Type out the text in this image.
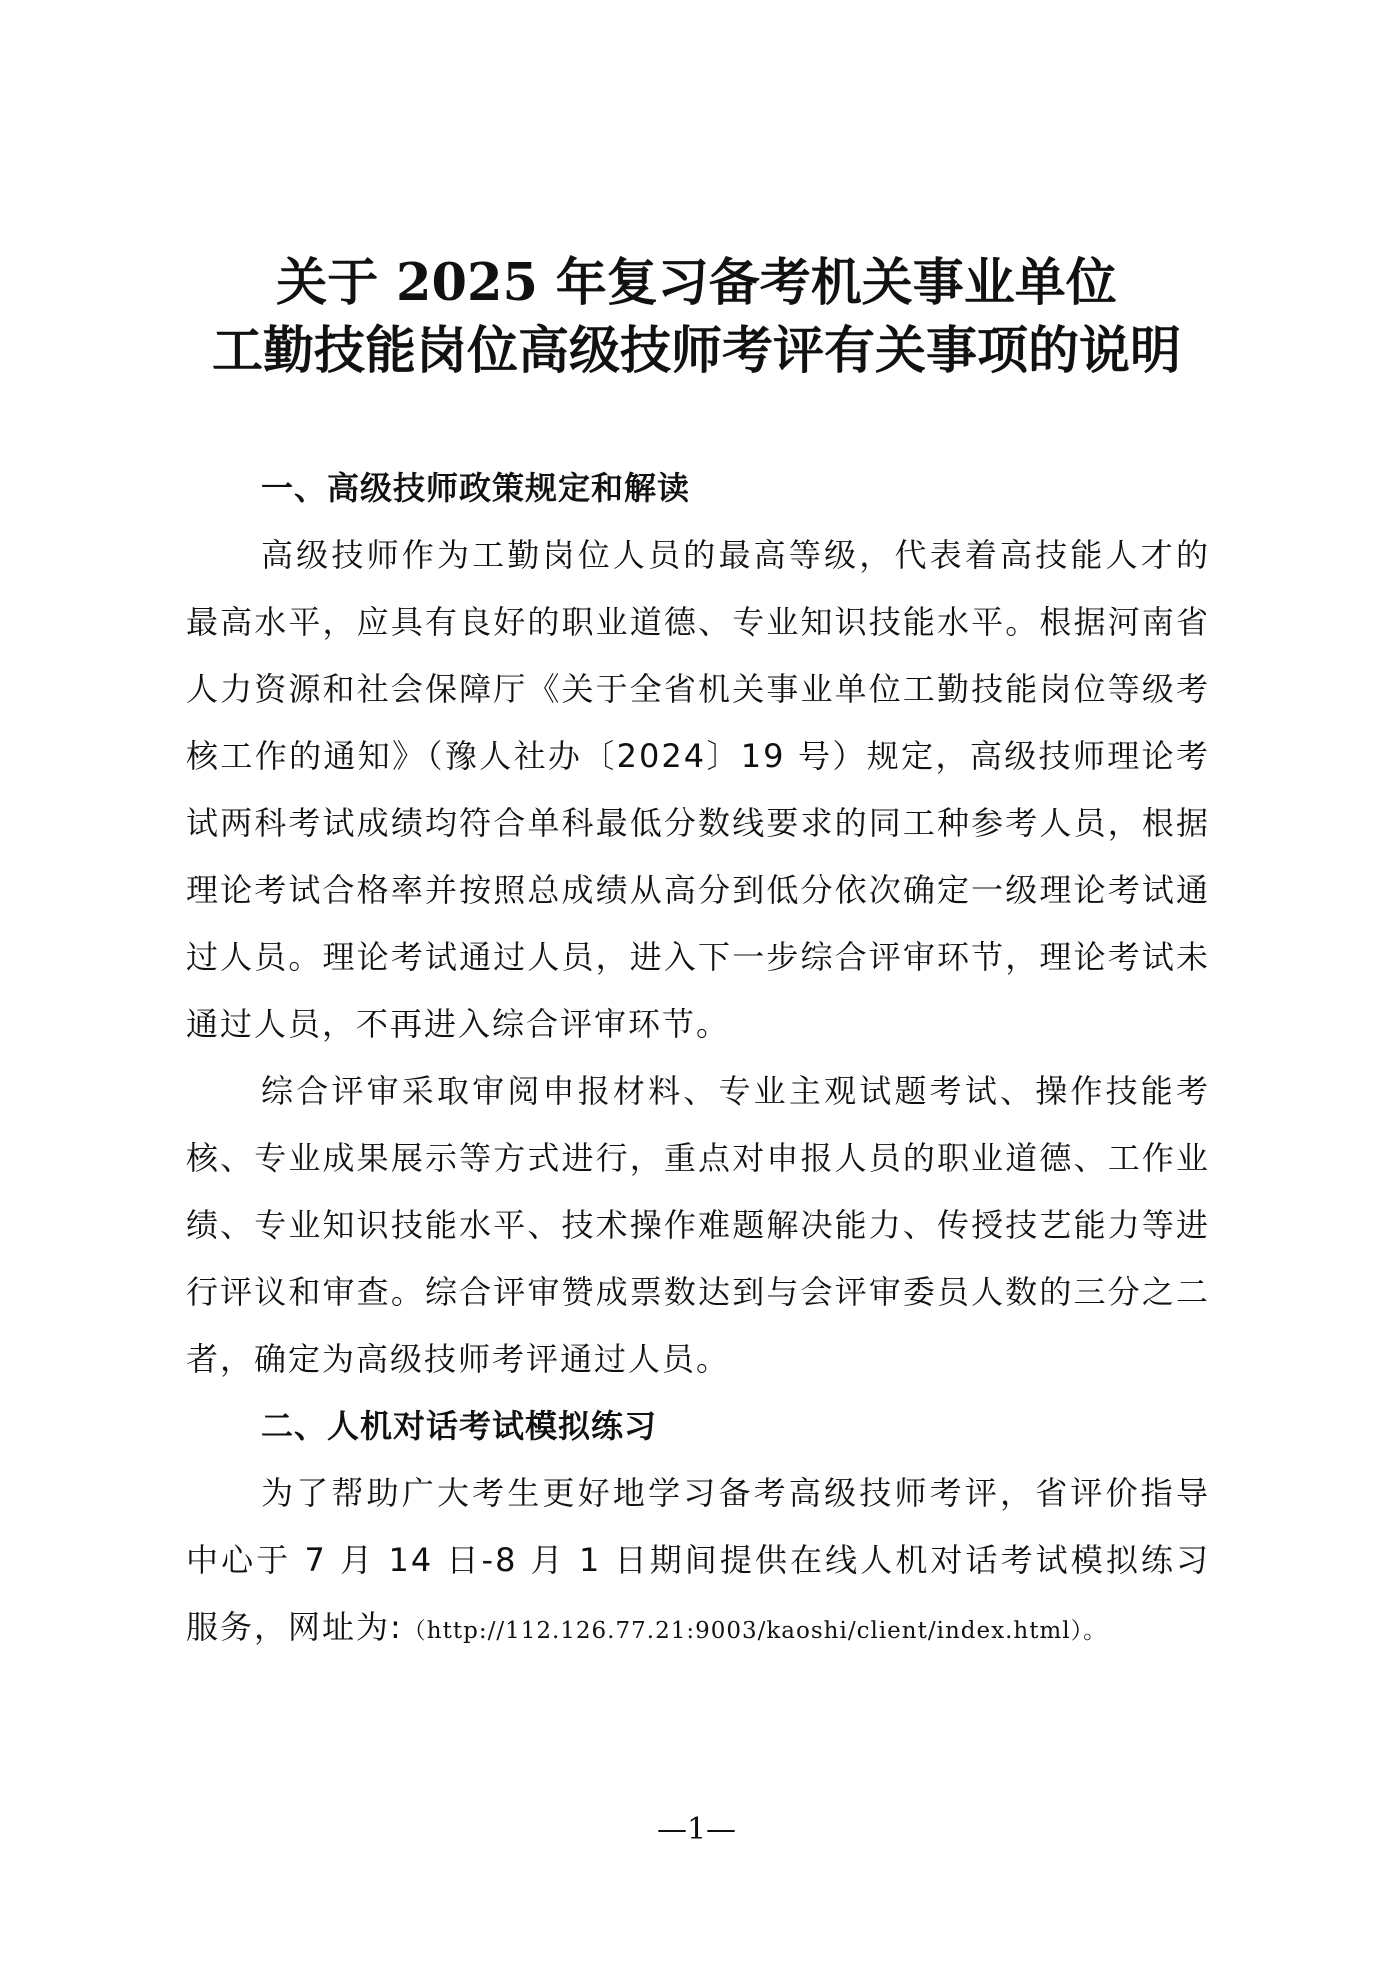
关于 2025 年复习备考机关事业单位
工勤技能岗位高级技师考评有关事项的说明

一、高级技师政策规定和解读

高级技师作为工勤岗位人员的最高等级，代表着高技能人才的最高水平，应具有良好的职业道德、专业知识技能水平。根据河南省人力资源和社会保障厅《关于全省机关事业单位工勤技能岗位等级考核工作的通知》（豫人社办〔2024〕19 号）规定，高级技师理论考试两科考试成绩均符合单科最低分数线要求的同工种参考人员，根据理论考试合格率并按照总成绩从高分到低分依次确定一级理论考试通过人员。理论考试通过人员，进入下一步综合评审环节，理论考试未通过人员，不再进入综合评审环节。

综合评审采取审阅申报材料、专业主观试题考试、操作技能考核、专业成果展示等方式进行，重点对申报人员的职业道德、工作业绩、专业知识技能水平、技术操作难题解决能力、传授技艺能力等进行评议和审查。综合评审赞成票数达到与会评审委员人数的三分之二者，确定为高级技师考评通过人员。

二、人机对话考试模拟练习

为了帮助广大考生更好地学习备考高级技师考评，省评价指导中心于 7 月 14 日-8 月 1 日期间提供在线人机对话考试模拟练习服务，网址为:（http://112.126.77.21:9003/kaoshi/client/index.html）。

—1—
